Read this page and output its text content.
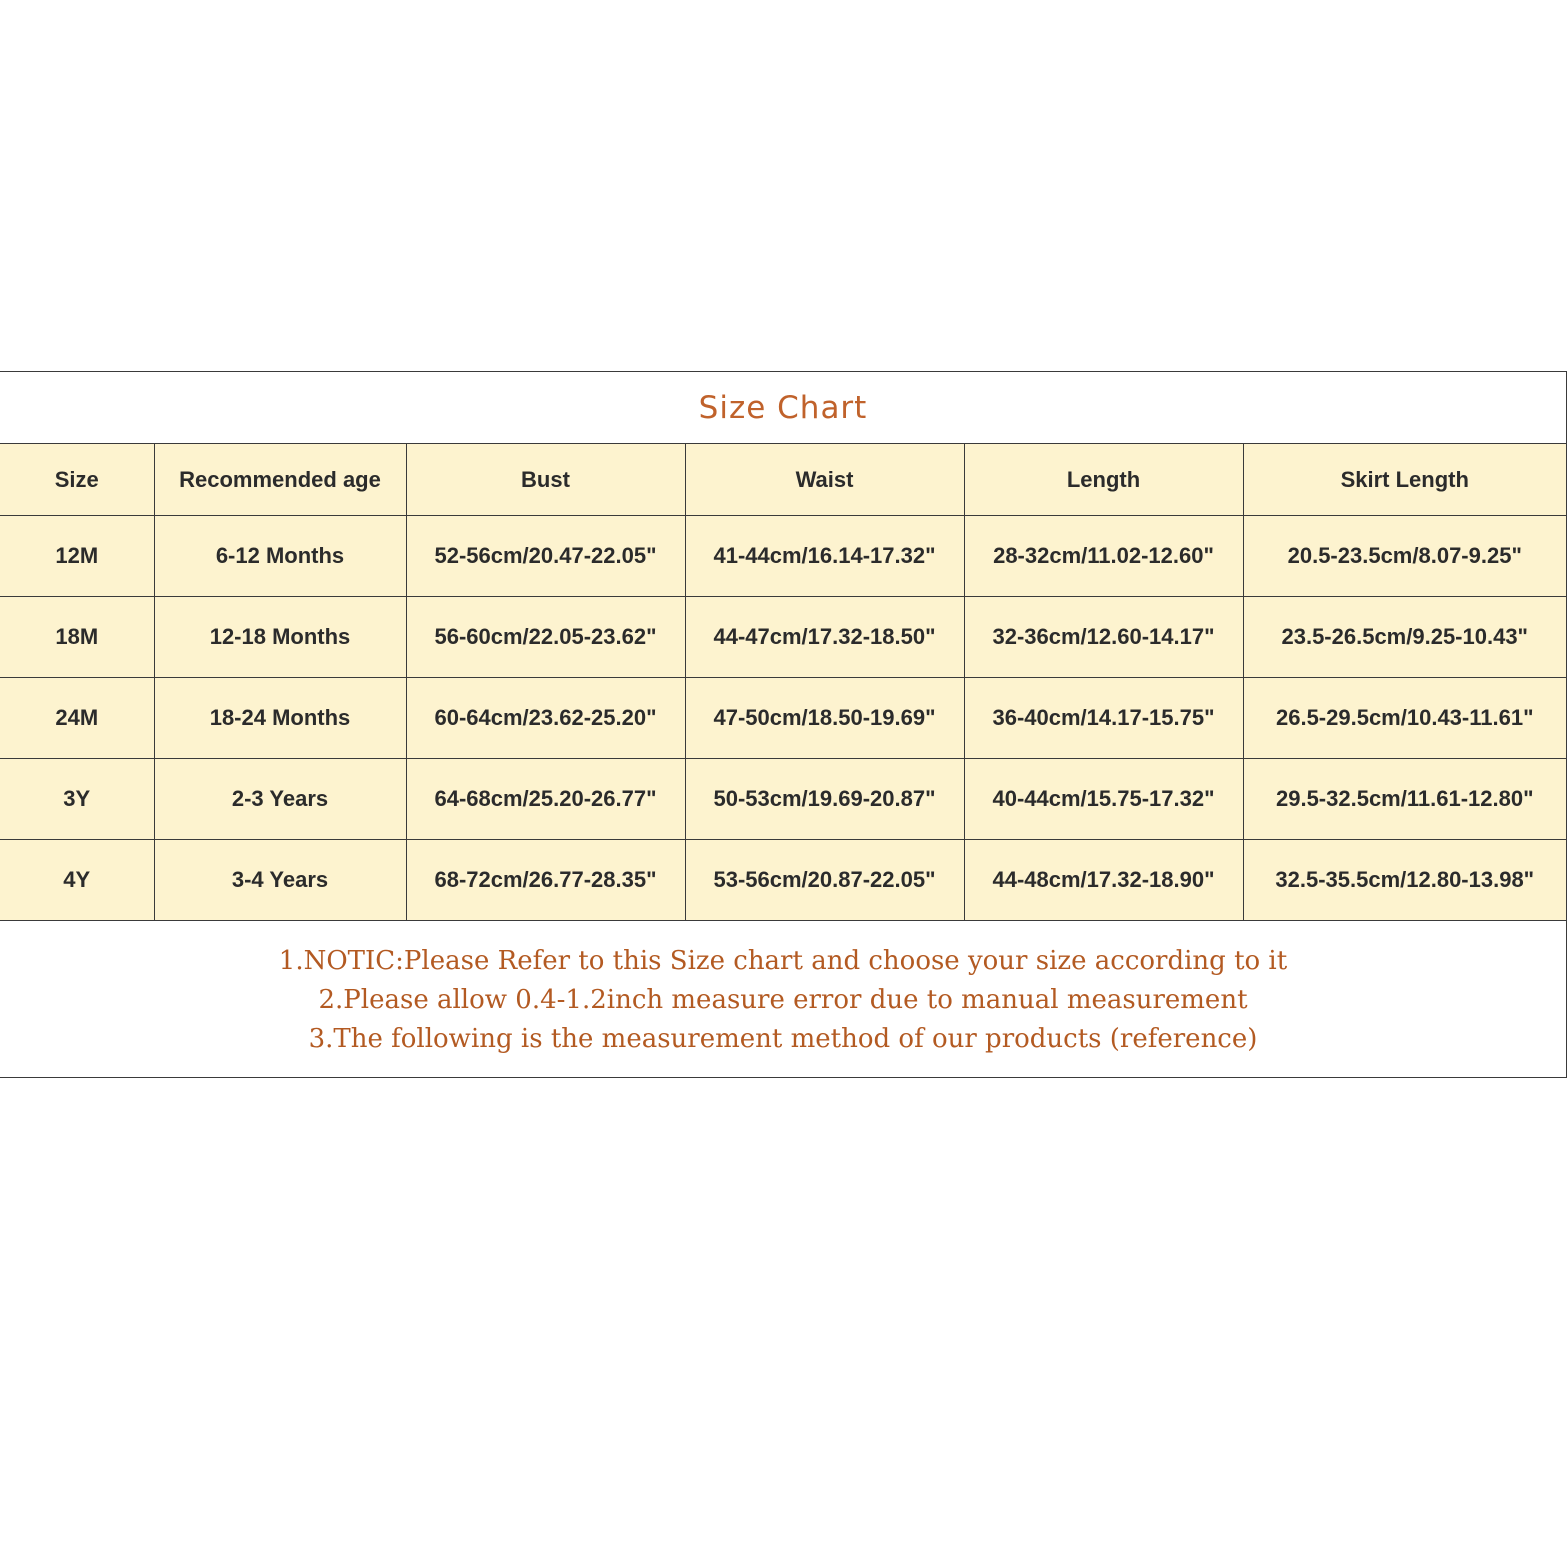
Size Chart
Size	Recommended age	Bust	Waist	Length	Skirt Length
12M	6-12 Months	52-56cm/20.47-22.05"	41-44cm/16.14-17.32"	28-32cm/11.02-12.60"	20.5-23.5cm/8.07-9.25"
18M	12-18 Months	56-60cm/22.05-23.62"	44-47cm/17.32-18.50"	32-36cm/12.60-14.17"	23.5-26.5cm/9.25-10.43"
24M	18-24 Months	60-64cm/23.62-25.20"	47-50cm/18.50-19.69"	36-40cm/14.17-15.75"	26.5-29.5cm/10.43-11.61"
3Y	2-3 Years	64-68cm/25.20-26.77"	50-53cm/19.69-20.87"	40-44cm/15.75-17.32"	29.5-32.5cm/11.61-12.80"
4Y	3-4 Years	68-72cm/26.77-28.35"	53-56cm/20.87-22.05"	44-48cm/17.32-18.90"	32.5-35.5cm/12.80-13.98"
1.NOTIC:Please Refer to this Size chart and choose your size according to it
2.Please allow 0.4-1.2inch measure error due to manual measurement
3.The following is the measurement method of our products (reference)
